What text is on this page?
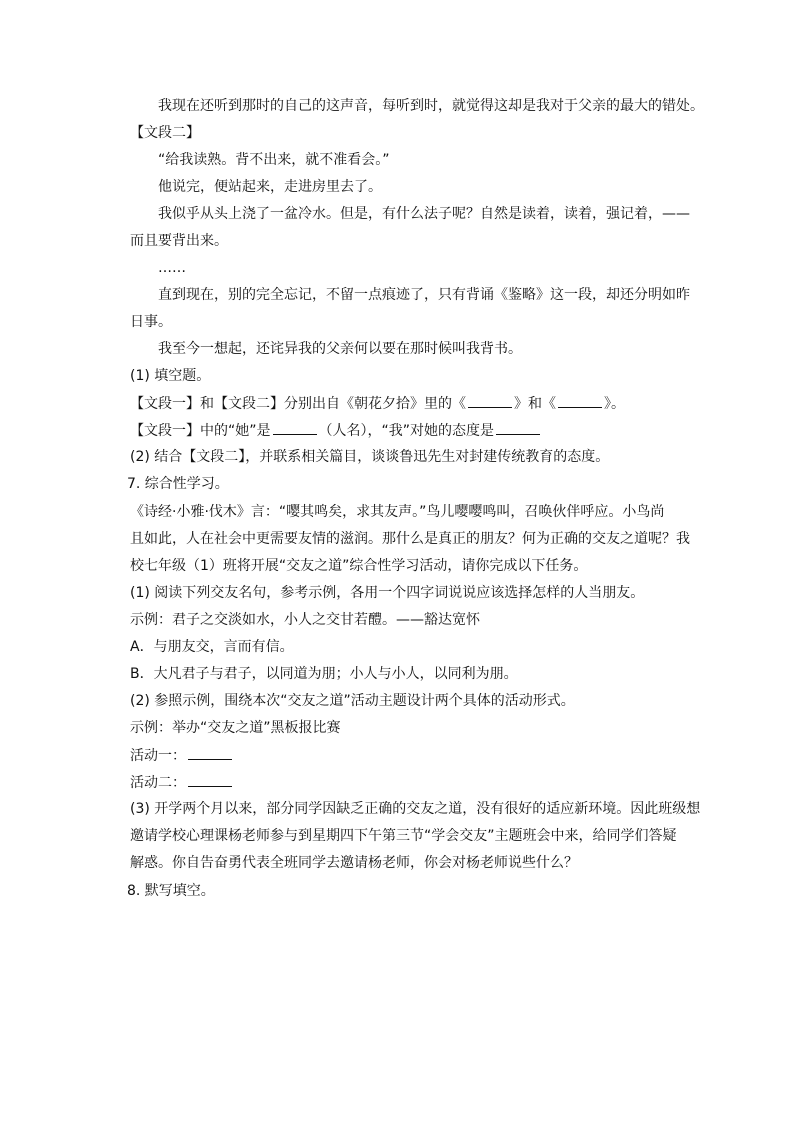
我现在还听到那时的自己的这声音，每听到时，就觉得这却是我对于父亲的最大的错处。
【文段二】
“给我读熟。背不出来，就不准看会。”
他说完，便站起来，走进房里去了。
我似乎从头上浇了一盆冷水。但是，有什么法子呢？自然是读着，读着，强记着，——
而且要背出来。
……
直到现在，别的完全忘记，不留一点痕迹了，只有背诵《鉴略》这一段，却还分明如昨
日事。
我至今一想起，还诧异我的父亲何以要在那时候叫我背书。
(1) 填空题。
【文段一】和【文段二】分别出自《朝花夕拾》里的《	》和《	》。
【文段一】中的“她”是	（人名），“我”对她的态度是
(2) 结合【文段二】，并联系相关篇目，谈谈鲁迅先生对封建传统教育的态度。
7. 综合性学习。
《诗经·小雅·伐木》言：“嘤其鸣矣，求其友声。”鸟儿嘤嘤鸣叫，召唤伙伴呼应。小鸟尚
且如此，人在社会中更需要友情的滋润。那什么是真正的朋友？何为正确的交友之道呢？我
校七年级（1）班将开展“交友之道”综合性学习活动，请你完成以下任务。
(1) 阅读下列交友名句，参考示例，各用一个四字词说说应该选择怎样的人当朋友。
示例：君子之交淡如水，小人之交甘若醴。——豁达宽怀
A．与朋友交，言而有信。
B．大凡君子与君子，以同道为朋；小人与小人，以同利为朋。
(2) 参照示例，围绕本次“交友之道”活动主题设计两个具体的活动形式。
示例：举办“交友之道”黑板报比赛
活动一：
活动二：
(3) 开学两个月以来，部分同学因缺乏正确的交友之道，没有很好的适应新环境。因此班级想
邀请学校心理课杨老师参与到星期四下午第三节“学会交友”主题班会中来，给同学们答疑
解惑。你自告奋勇代表全班同学去邀请杨老师，你会对杨老师说些什么？
8. 默写填空。
